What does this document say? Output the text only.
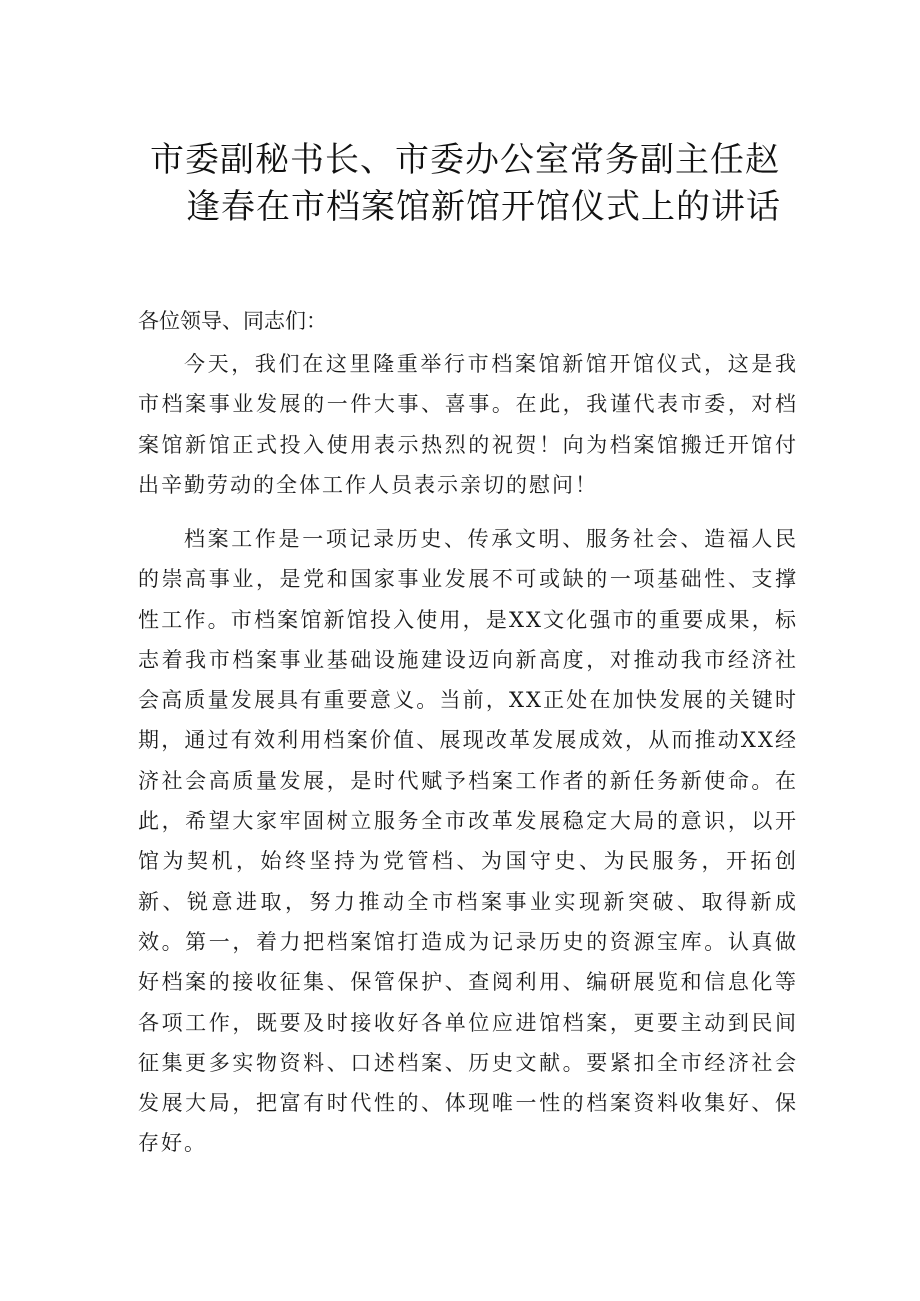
市委副秘书长、市委办公室常务副主任赵
逢春在市档案馆新馆开馆仪式上的讲话
各位领导、同志们：

今天，我们在这里隆重举行市档案馆新馆开馆仪式，这是我市档案事业发展的一件大事、喜事。在此，我谨代表市委，对档案馆新馆正式投入使用表示热烈的祝贺！向为档案馆搬迁开馆付出辛勤劳动的全体工作人员表示亲切的慰问！

档案工作是一项记录历史、传承文明、服务社会、造福人民的崇高事业，是党和国家事业发展不可或缺的一项基础性、支撑性工作。市档案馆新馆投入使用，是XX文化强市的重要成果，标志着我市档案事业基础设施建设迈向新高度，对推动我市经济社会高质量发展具有重要意义。当前，XX正处在加快发展的关键时期，通过有效利用档案价值、展现改革发展成效，从而推动XX经济社会高质量发展，是时代赋予档案工作者的新任务新使命。在此，希望大家牢固树立服务全市改革发展稳定大局的意识，以开馆为契机，始终坚持为党管档、为国守史、为民服务，开拓创新、锐意进取，努力推动全市档案事业实现新突破、取得新成效。第一，着力把档案馆打造成为记录历史的资源宝库。认真做好档案的接收征集、保管保护、查阅利用、编研展览和信息化等各项工作，既要及时接收好各单位应进馆档案，更要主动到民间征集更多实物资料、口述档案、历史文献。要紧扣全市经济社会发展大局，把富有时代性的、体现唯一性的档案资料收集好、保存好。
